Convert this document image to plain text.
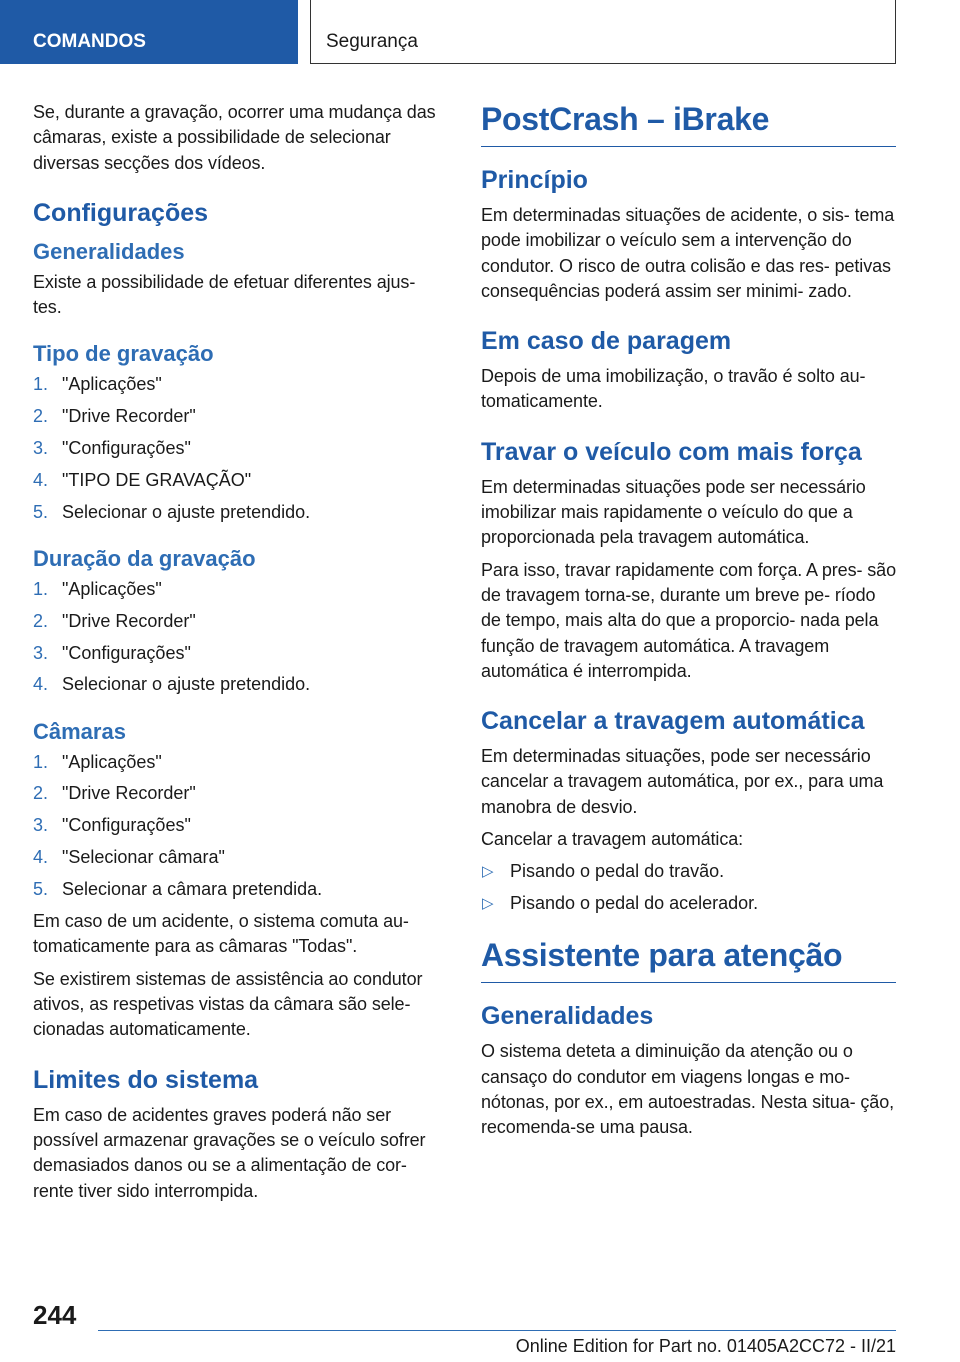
COMANDOS	Segurança

Se, durante a gravação, ocorrer uma mudança das câmaras, existe a possibilidade de selecionar diversas secções dos vídeos.

Configurações
Generalidades

Existe a possibilidade de efetuar diferentes ajus- tes.

Tipo de gravação
1. "Aplicações"
2. "Drive Recorder"
3. "Configurações"
4. "TIPO DE GRAVAÇÃO"
5. Selecionar o ajuste pretendido.
Duração da gravação
1. "Aplicações"
2. "Drive Recorder"
3. "Configurações"
4. Selecionar o ajuste pretendido.
Câmaras
1. "Aplicações"
2. "Drive Recorder"
3. "Configurações"
4. "Selecionar câmara"
5. Selecionar a câmara pretendida.

Em caso de um acidente, o sistema comuta au- tomaticamente para as câmaras "Todas".

Se existirem sistemas de assistência ao condutor ativos, as respetivas vistas da câmara são sele- cionadas automaticamente.

Limites do sistema

Em caso de acidentes graves poderá não ser possível armazenar gravações se o veículo sofrer demasiados danos ou se a alimentação de cor- rente tiver sido interrompida.

PostCrash – iBrake
Princípio

Em determinadas situações de acidente, o sis- tema pode imobilizar o veículo sem a intervenção do condutor. O risco de outra colisão e das res- petivas consequências poderá assim ser minimi- zado.

Em caso de paragem

Depois de uma imobilização, o travão é solto au- tomaticamente.

Travar o veículo com mais força

Em determinadas situações pode ser necessário imobilizar mais rapidamente o veículo do que a proporcionada pela travagem automática.

Para isso, travar rapidamente com força. A pres- são de travagem torna-se, durante um breve pe- ríodo de tempo, mais alta do que a proporcio- nada pela função de travagem automática. A travagem automática é interrompida.

Cancelar a travagem automática

Em determinadas situações, pode ser necessário cancelar a travagem automática, por ex., para uma manobra de desvio.

Cancelar a travagem automática:

▷ Pisando o pedal do travão.
▷ Pisando o pedal do acelerador.
Assistente para atenção
Generalidades

O sistema deteta a diminuição da atenção ou o cansaço do condutor em viagens longas e mo- nótonas, por ex., em autoestradas. Nesta situa- ção, recomenda-se uma pausa.

244
Online Edition for Part no. 01405A2CC72 - II/21
